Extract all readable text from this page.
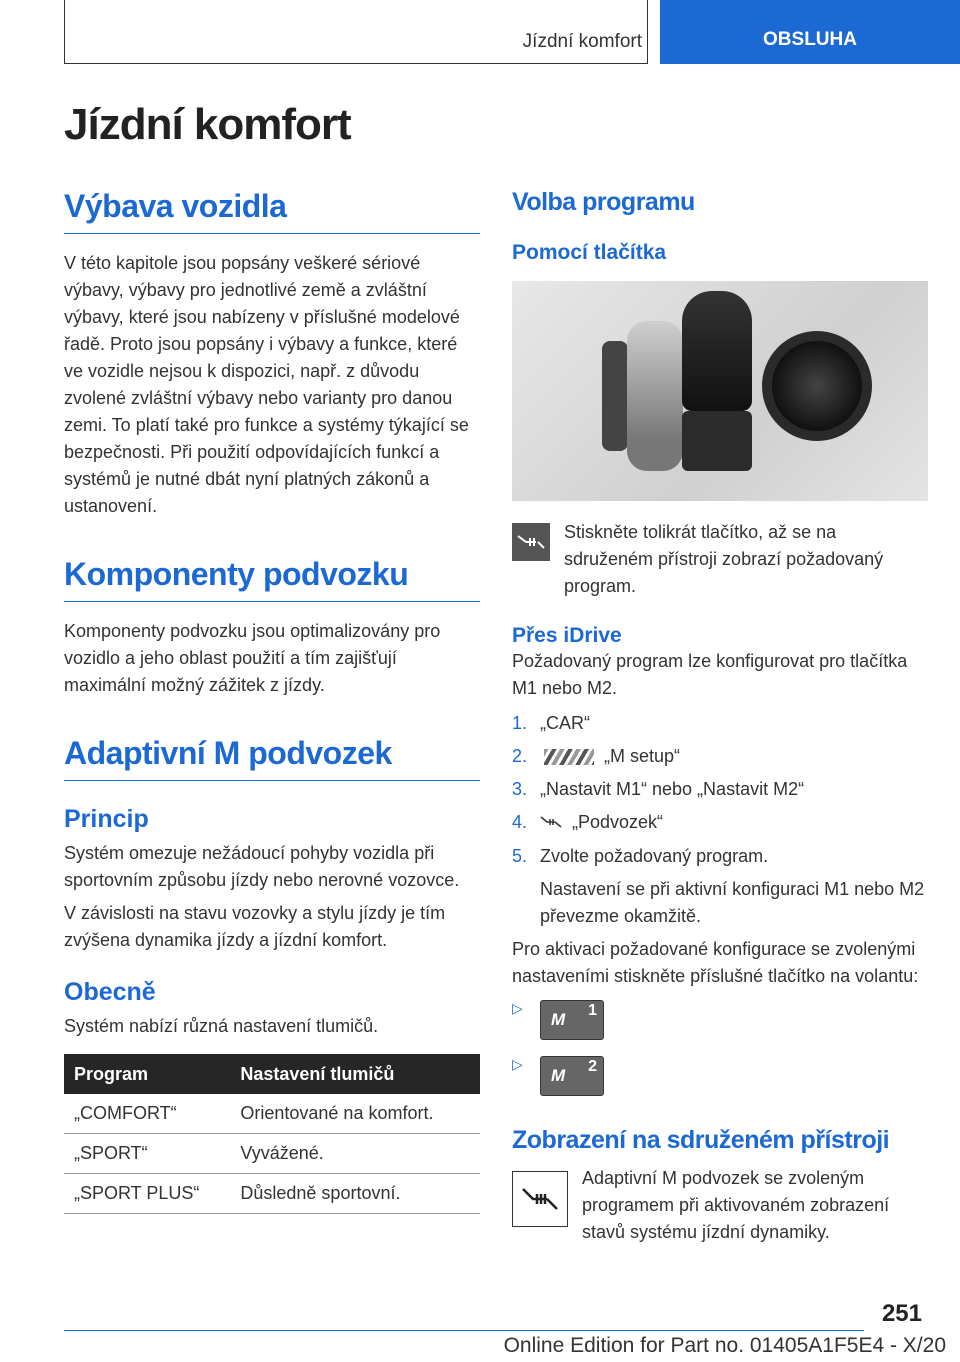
Jízdní komfort	OBSLUHA
Jízdní komfort
Výbava vozidla

V této kapitole jsou popsány veškeré sériové výbavy, výbavy pro jednotlivé země a zvláštní výbavy, které jsou nabízeny v příslušné modelové řadě. Proto jsou popsány i výbavy a funkce, které ve vozidle nejsou k dispozici, např. z důvodu zvolené zvláštní výbavy nebo varianty pro danou zemi. To platí také pro funkce a systémy týkající se bezpečnosti. Při použití odpovídajících funkcí a systémů je nutné dbát nyní platných zákonů a ustanovení.

Komponenty podvozku

Komponenty podvozku jsou optimalizovány pro vozidlo a jeho oblast použití a tím zajišťují maximální možný zážitek z jízdy.

Adaptivní M podvozek
Princip

Systém omezuje nežádoucí pohyby vozidla při sportovním způsobu jízdy nebo nerovné vozovce.

V závislosti na stavu vozovky a stylu jízdy je tím zvýšena dynamika jízdy a jízdní komfort.

Obecně

Systém nabízí různá nastavení tlumičů.

Program	Nastavení tlumičů
„COMFORT“	Orientované na komfort.
„SPORT“	Vyvážené.
„SPORT PLUS“	Důsledně sportovní.
Volba programu
Pomocí tlačítka

Stiskněte tolikrát tlačítko, až se na sdruženém přístroji zobrazí požadovaný program.

Přes iDrive

Požadovaný program lze konfigurovat pro tlačítka M1 nebo M2.

1. „CAR“
2.	„M setup“
3. „Nastavit M1“ nebo „Nastavit M2“
4.	„Podvozek“
5. Zvolte požadovaný program.
Nastavení se při aktivní konfiguraci M1 nebo M2 převezme okamžitě.

Pro aktivaci požadované konfigurace se zvolenými nastaveními stiskněte příslušné tlačítko na volantu:

▷
M 1
▷
M 2
Zobrazení na sdruženém přístroji

Adaptivní M podvozek se zvoleným programem při aktivovaném zobrazení stavů systému jízdní dynamiky.

251
Online Edition for Part no. 01405A1F5E4 - X/20
